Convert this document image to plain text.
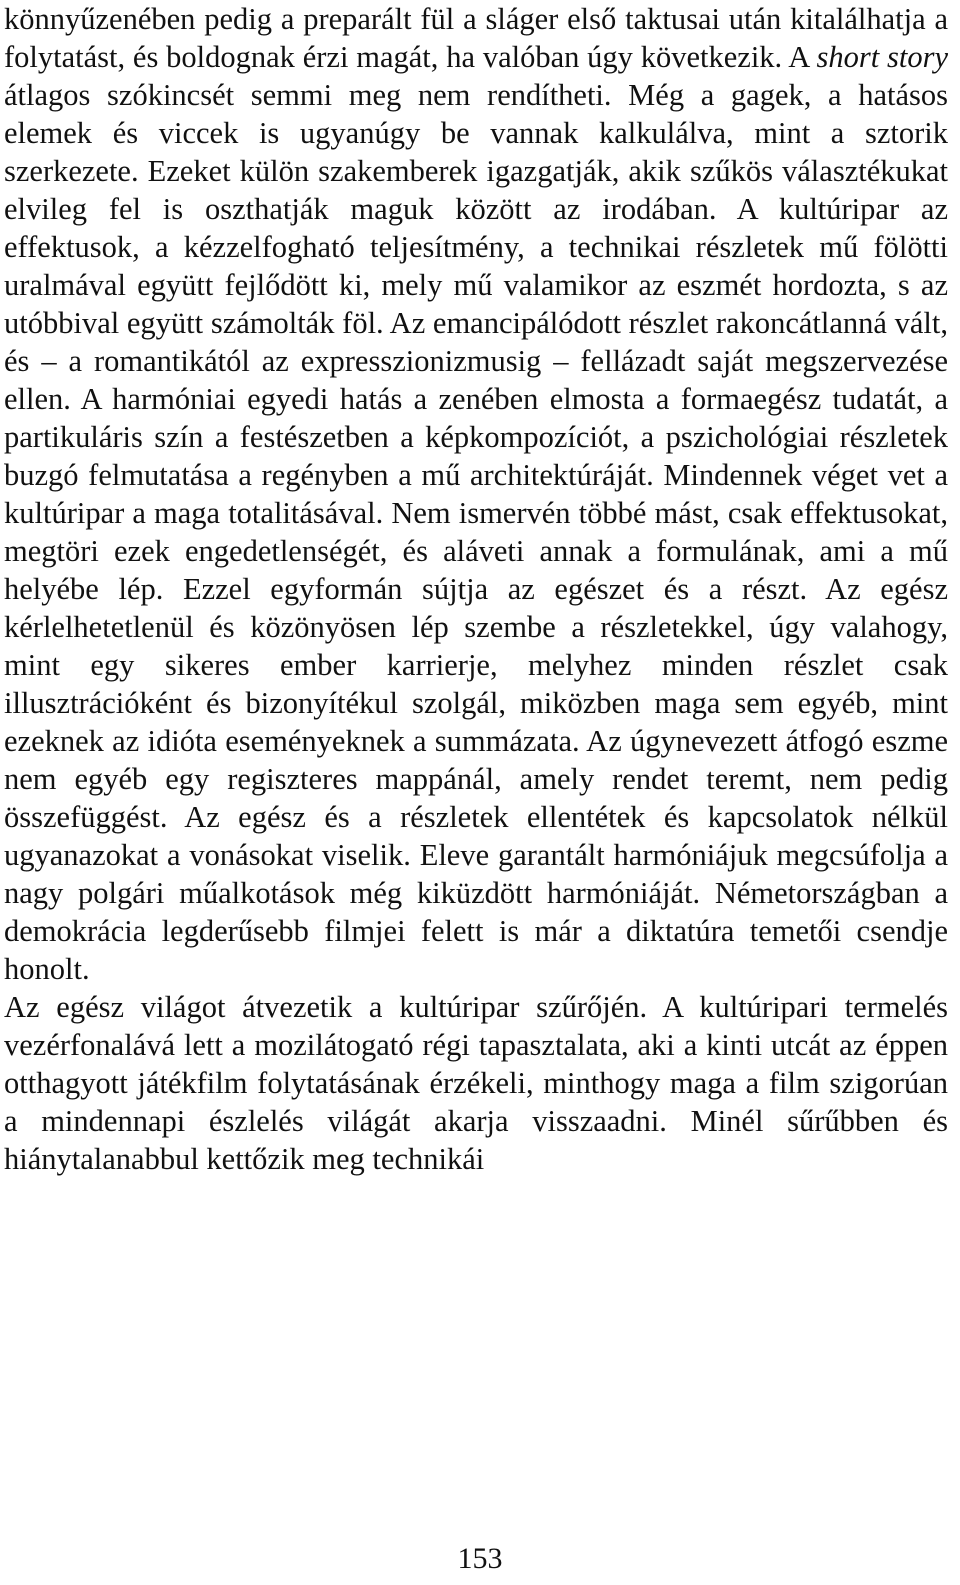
könnyűzenében pedig a preparált fül a sláger első taktusai után kitalálhatja a folytatást, és boldognak érzi magát, ha valóban úgy következik. A short story átlagos szókincsét semmi meg nem rendítheti. Még a gagek, a hatásos elemek és viccek is ugyanúgy be vannak kalkulálva, mint a sztorik szerkezete. Ezeket külön szakemberek igazgatják, akik szűkös választékukat elvileg fel is oszthatják maguk között az irodában. A kultúripar az effektusok, a kézzelfogható teljesítmény, a technikai részletek mű fölötti uralmával együtt fejlődött ki, mely mű valamikor az eszmét hordozta, s az utóbbival együtt számolták föl. Az emancipálódott részlet rakoncátlanná vált, és – a romantikától az expresszionizmusig – fellázadt saját megszervezése ellen. A harmóniai egyedi hatás a zenében elmosta a formaegész tudatát, a partikuláris szín a festészetben a képkompozíciót, a pszichológiai részletek buzgó felmutatása a regényben a mű architektúráját. Mindennek véget vet a kultúripar a maga totalitásával. Nem ismervén többé mást, csak effektusokat, megtöri ezek engedetlenségét, és aláveti annak a formulának, ami a mű helyébe lép. Ezzel egyformán sújtja az egészet és a részt. Az egész kérlelhetetlenül és közönyösen lép szembe a részletekkel, úgy valahogy, mint egy sikeres ember karrierje, melyhez minden részlet csak illusztrációként és bizonyítékul szolgál, miközben maga sem egyéb, mint ezeknek az idióta eseményeknek a summázata. Az úgynevezett átfogó eszme nem egyéb egy regiszteres mappánál, amely rendet teremt, nem pedig összefüggést. Az egész és a részletek ellentétek és kapcsolatok nélkül ugyanazokat a vonásokat viselik. Eleve garantált harmóniájuk megcsúfolja a nagy polgári műalkotások még kiküzdött harmóniáját. Németországban a demokrácia legderűsebb filmjei felett is már a diktatúra temetői csendje honolt.

Az egész világot átvezetik a kultúripar szűrőjén. A kultúripari termelés vezérfonalává lett a mozilátogató régi tapasztalata, aki a kinti utcát az éppen otthagyott játékfilm folytatásának érzékeli, minthogy maga a film szigorúan a mindennapi észlelés világát akarja visszaadni. Minél sűrűbben és hiánytalanabbul kettőzik meg technikái

153
